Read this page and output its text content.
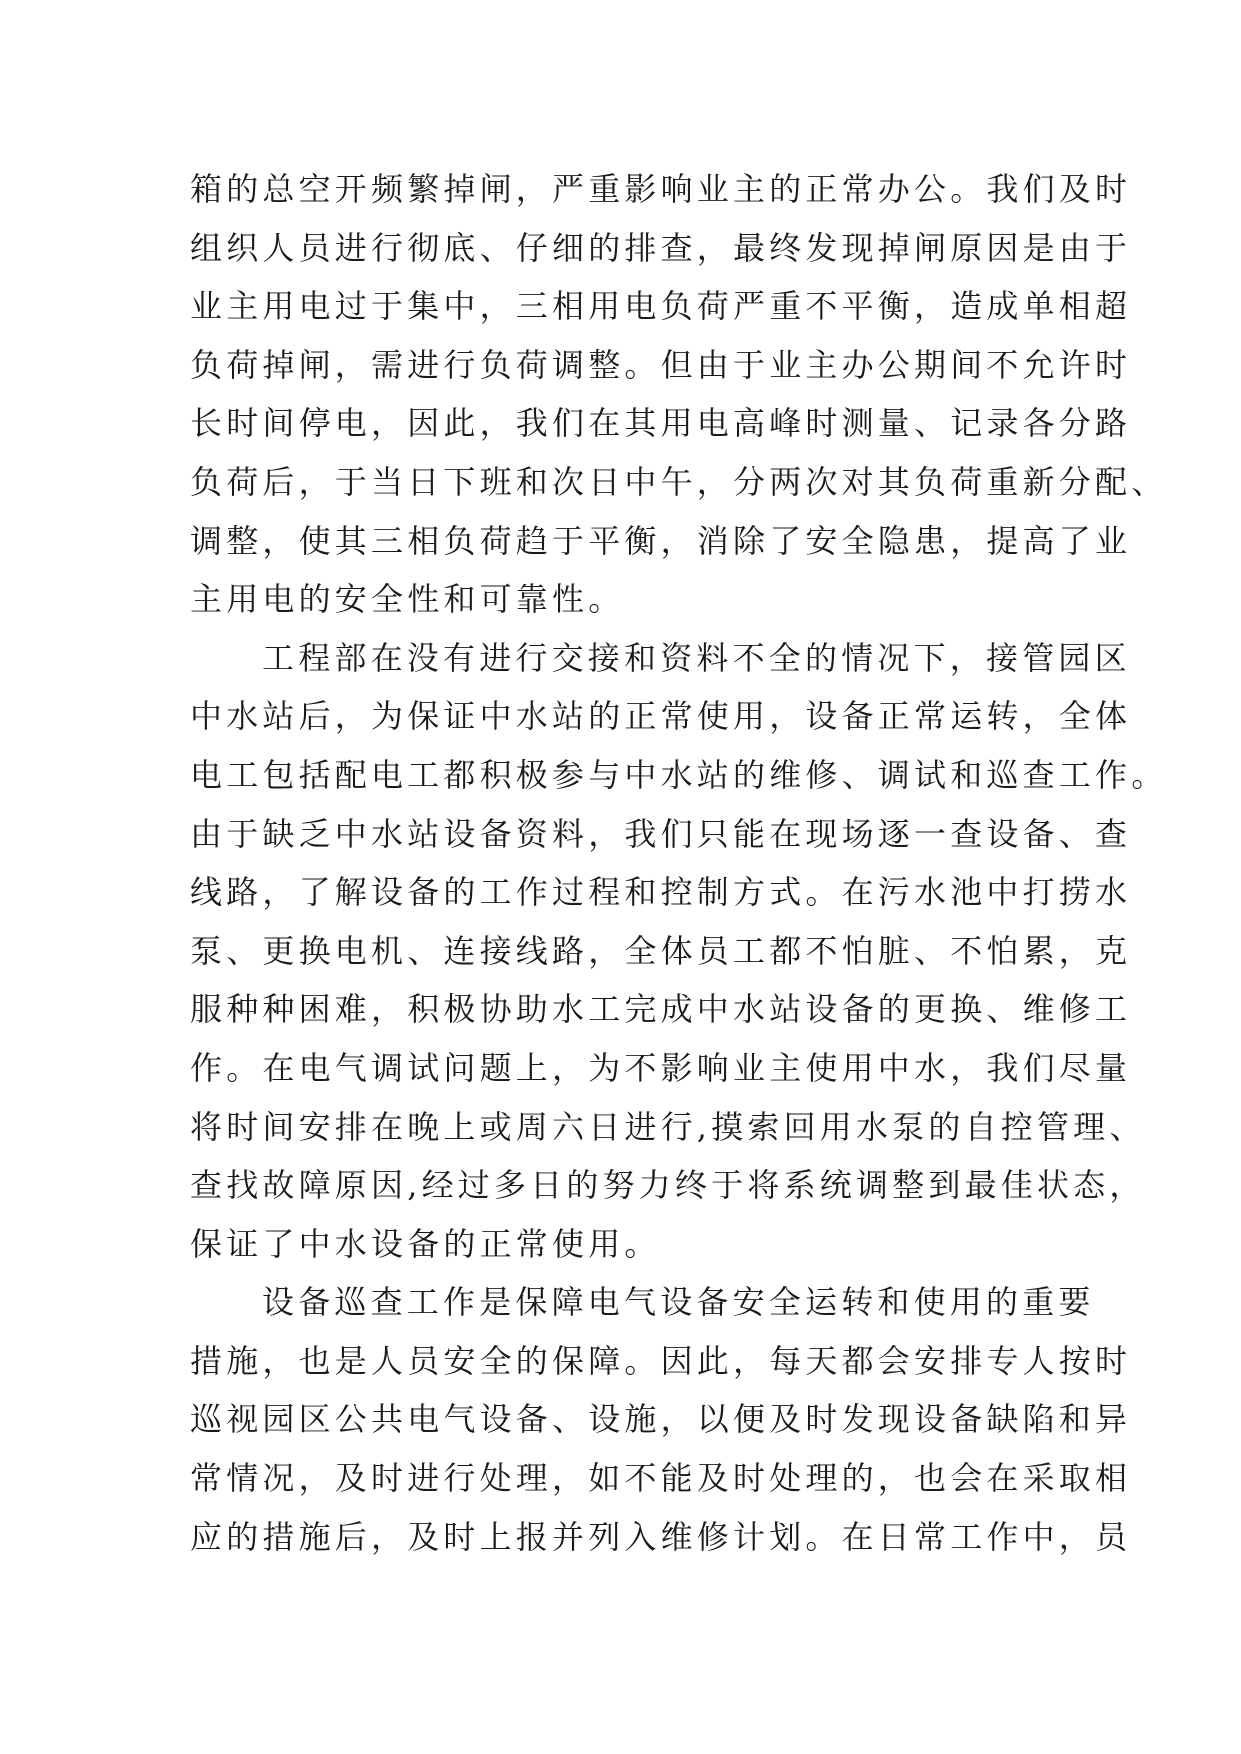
箱的总空开频繁掉闸，严重影响业主的正常办公。我们及时
组织人员进行彻底、仔细的排查，最终发现掉闸原因是由于
业主用电过于集中，三相用电负荷严重不平衡，造成单相超
负荷掉闸，需进行负荷调整。但由于业主办公期间不允许时
长时间停电，因此，我们在其用电高峰时测量、记录各分路
负荷后，于当日下班和次日中午，分两次对其负荷重新分配、
调整，使其三相负荷趋于平衡，消除了安全隐患，提高了业
主用电的安全性和可靠性。
工程部在没有进行交接和资料不全的情况下，接管园区
中水站后，为保证中水站的正常使用，设备正常运转，全体
电工包括配电工都积极参与中水站的维修、调试和巡查工作。
由于缺乏中水站设备资料，我们只能在现场逐一查设备、查
线路，了解设备的工作过程和控制方式。在污水池中打捞水
泵、更换电机、连接线路，全体员工都不怕脏、不怕累，克
服种种困难，积极协助水工完成中水站设备的更换、维修工
作。在电气调试问题上，为不影响业主使用中水，我们尽量
将时间安排在晚上或周六日进行,摸索回用水泵的自控管理、
查找故障原因,经过多日的努力终于将系统调整到最佳状态，
保证了中水设备的正常使用。
设备巡查工作是保障电气设备安全运转和使用的重要
措施，也是人员安全的保障。因此，每天都会安排专人按时
巡视园区公共电气设备、设施，以便及时发现设备缺陷和异
常情况，及时进行处理，如不能及时处理的，也会在采取相
应的措施后，及时上报并列入维修计划。在日常工作中，员
